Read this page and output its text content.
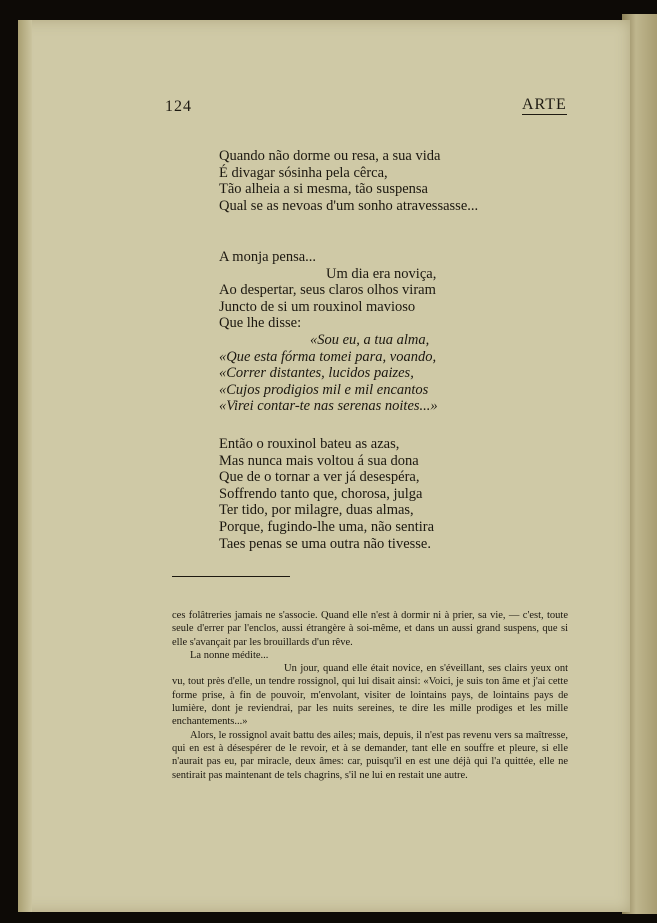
124	ARTE
Quando não dorme ou resa, a sua vida
É divagar sósinha pela cêrca,
Tão alheia a si mesma, tão suspensa
Qual se as nevoas d'um sonho atravessasse...
A monja pensa...
Um dia era noviça,
Ao despertar, seus claros olhos viram
Juncto de si um rouxinol mavioso
Que lhe disse:
«Sou eu, a tua alma,
«Que esta fórma tomei para, voando,
«Correr distantes, lucidos paizes,
«Cujos prodigios mil e mil encantos
«Virei contar-te nas serenas noites...»
Então o rouxinol bateu as azas,
Mas nunca mais voltou á sua dona
Que de o tornar a ver já desespéra,
Soffrendo tanto que, chorosa, julga
Ter tido, por milagre, duas almas,
Porque, fugindo-lhe uma, não sentira
Taes penas se uma outra não tivesse.

ces folâtreries jamais ne s'associe. Quand elle n'est à dormir ni à prier, sa vie, — c'est, toute seule d'errer par l'enclos, aussi étrangère à soi-même, et dans un aussi grand suspens, que si elle s'avançait par les brouillards d'un rêve.

La nonne médite...

Un jour, quand elle était novice, en s'éveillant, ses clairs yeux ont vu, tout près d'elle, un tendre rossignol, qui lui disait ainsi: «Voici, je suis ton âme et j'ai cette forme prise, à fin de pouvoir, m'envolant, visiter de lointains pays, de lointains pays de lumière, dont je reviendrai, par les nuits sereines, te dire les mille prodiges et les mille enchantements...»

Alors, le rossignol avait battu des ailes; mais, depuis, il n'est pas revenu vers sa maîtresse, qui en est à désespérer de le revoir, et à se demander, tant elle en souffre et pleure, si elle n'aurait pas eu, par miracle, deux âmes: car, puisqu'il en est une déjà qui l'a quittée, elle ne sentirait pas maintenant de tels chagrins, s'il ne lui en restait une autre.
